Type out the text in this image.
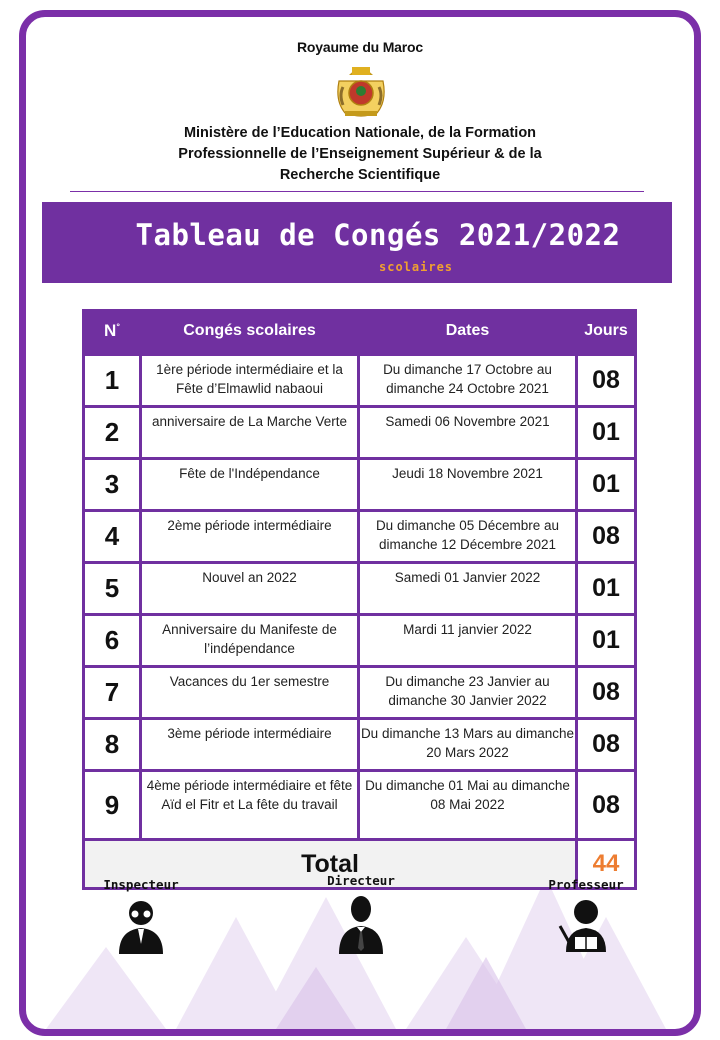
Royaume du Maroc
Ministère de l’Education Nationale, de la Formation
Professionnelle de l’Enseignement Supérieur & de la
Recherche Scientifique
Tableau de Congés 2021/2022
scolaires
N°	Congés scolaires	Dates	Jours
1	1ère période intermédiaire et la Fête d’Elmawlid nabaoui	Du dimanche 17 Octobre au dimanche 24 Octobre 2021	08
2	anniversaire de La Marche Verte	Samedi 06 Novembre 2021	01
3	Fête de l'Indépendance	Jeudi 18 Novembre 2021	01
4	2ème période intermédiaire	Du dimanche 05 Décembre au dimanche 12 Décembre 2021	08
5	Nouvel an 2022	Samedi 01 Janvier 2022	01
6	Anniversaire du Manifeste de l’indépendance	Mardi 11 janvier 2022	01
7	Vacances du 1er semestre	Du dimanche 23 Janvier au dimanche 30 Janvier 2022	08
8	3ème période intermédiaire	Du dimanche 13 Mars au dimanche 20 Mars 2022	08
9	4ème période intermédiaire et fête Aïd el Fitr et La fête du travail	Du dimanche 01 Mai au dimanche 08 Mai 2022	08
Total			44
Inspecteur	Directeur	Professeur
